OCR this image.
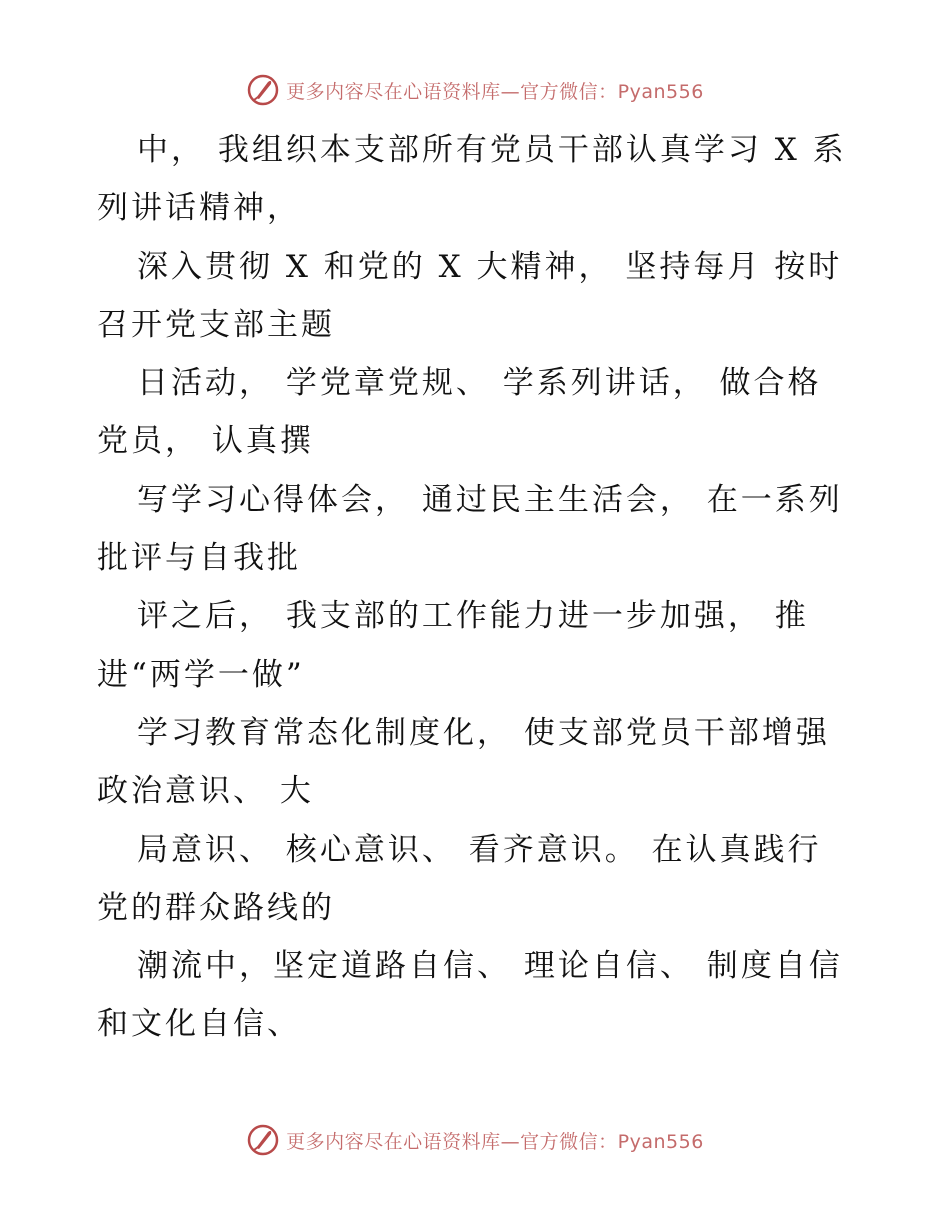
更多内容尽在心语资料库—官方微信：Pyan556
中， 我组织本支部所有党员干部认真学习 X 系
列讲话精神，
深入贯彻 X 和党的 X 大精神， 坚持每月 按时
召开党支部主题
日活动， 学党章党规、 学系列讲话， 做合格
党员， 认真撰
写学习心得体会， 通过民主生活会， 在一系列
批评与自我批
评之后， 我支部的工作能力进一步加强， 推
进“两学一做”
学习教育常态化制度化， 使支部党员干部增强
政治意识、 大
局意识、 核心意识、 看齐意识。 在认真践行
党的群众路线的
潮流中，坚定道路自信、 理论自信、 制度自信
和文化自信、
更多内容尽在心语资料库—官方微信：Pyan556
